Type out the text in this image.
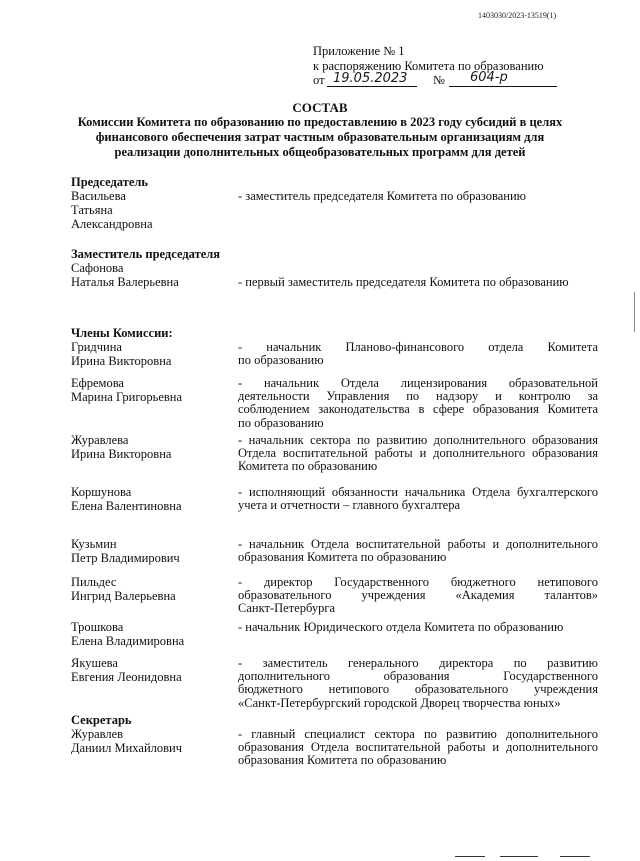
1403030/2023-13519(1)
Приложение № 1
к распоряжению Комитета по образованию
от 19.05.2023 № 604-р
СОСТАВ
Комиссии Комитета по образованию по предоставлению в 2023 году субсидий в целях
финансового обеспечения затрат частным образовательным организациям для
реализации дополнительных общеобразовательных программ для детей
Председатель
Васильева
Татьяна
Александровна
- заместитель председателя Комитета по образованию
Заместитель председателя
Сафонова
Наталья Валерьевна	- первый заместитель председателя Комитета по образованию
Члены Комиссии:
Гридчина
Ирина Викторовна
- начальник Планово-финансового отдела Комитета
по образованию
Ефремова
Марина Григорьевна
- начальник Отдела лицензирования образовательной
деятельности Управления по надзору и контролю за
соблюдением законодательства в сфере образования Комитета
по образованию
Журавлева
Ирина Викторовна
- начальник сектора по развитию дополнительного образования
Отдела воспитательной работы и дополнительного образования
Комитета по образованию
Коршунова
Елена Валентиновна
- исполняющий обязанности начальника Отдела бухгалтерского
учета и отчетности – главного бухгалтера
Кузьмин
Петр Владимирович
- начальник Отдела воспитательной работы и дополнительного
образования Комитета по образованию
Пильдес
Ингрид Валерьевна
- директор Государственного бюджетного нетипового
образовательного учреждения «Академия талантов»
Санкт-Петербурга
Трошкова
Елена Владимировна
- начальник Юридического отдела Комитета по образованию
Якушева
Евгения Леонидовна
- заместитель генерального директора по развитию
дополнительного образования Государственного
бюджетного нетипового образовательного учреждения
«Санкт-Петербургский городской Дворец творчества юных»
Секретарь
Журавлев
Даниил Михайлович
- главный специалист сектора по развитию дополнительного
образования Отдела воспитательной работы и дополнительного
образования Комитета по образованию
